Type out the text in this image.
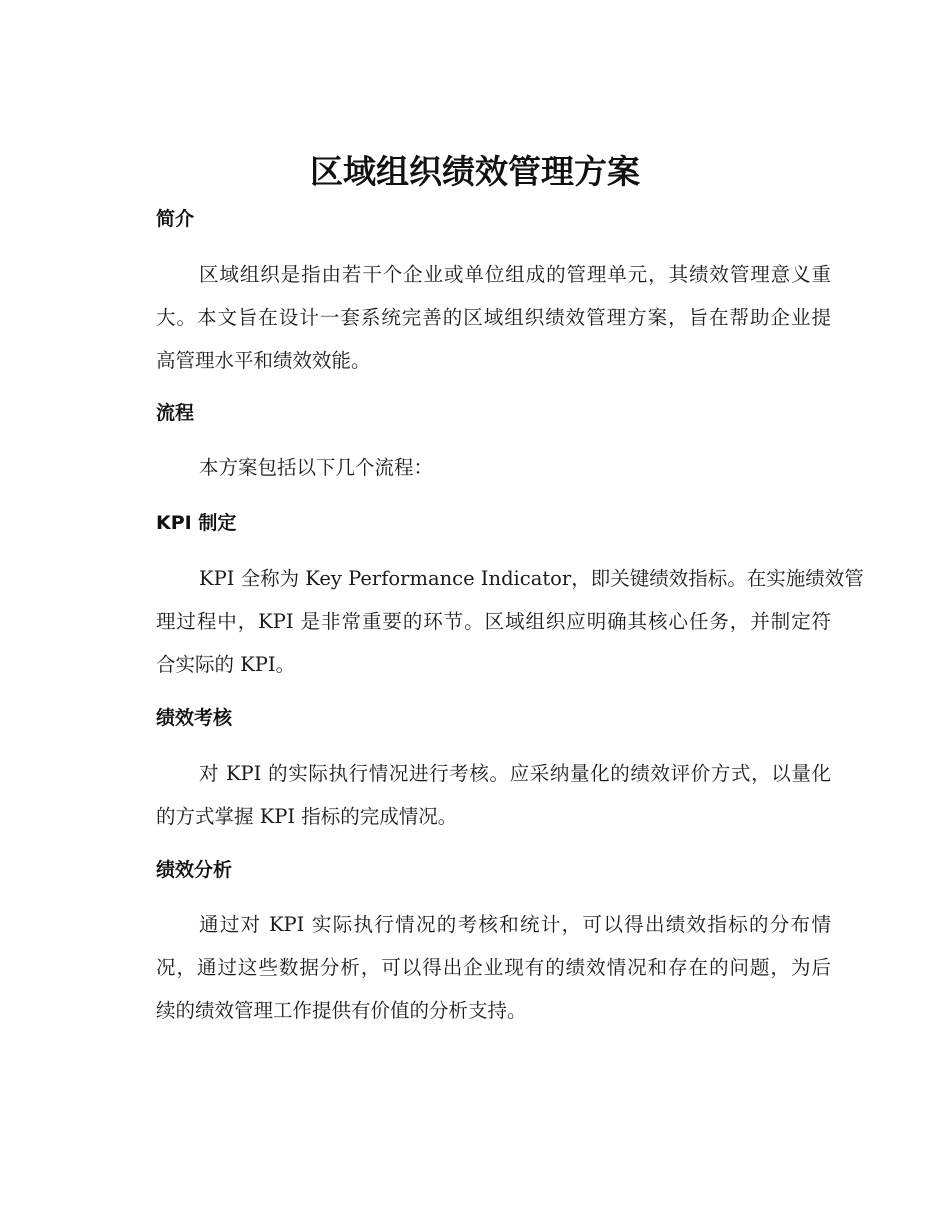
区域组织绩效管理方案
简介
区域组织是指由若干个企业或单位组成的管理单元，其绩效管理意义重
大。本文旨在设计一套系统完善的区域组织绩效管理方案，旨在帮助企业提
高管理水平和绩效效能。
流程
本方案包括以下几个流程：
KPI 制定
KPI 全称为 Key Performance Indicator，即关键绩效指标。在实施绩效管
理过程中，KPI 是非常重要的环节。区域组织应明确其核心任务，并制定符
合实际的 KPI。
绩效考核
对 KPI 的实际执行情况进行考核。应采纳量化的绩效评价方式，以量化
的方式掌握 KPI 指标的完成情况。
绩效分析
通过对 KPI 实际执行情况的考核和统计，可以得出绩效指标的分布情
况，通过这些数据分析，可以得出企业现有的绩效情况和存在的问题，为后
续的绩效管理工作提供有价值的分析支持。
